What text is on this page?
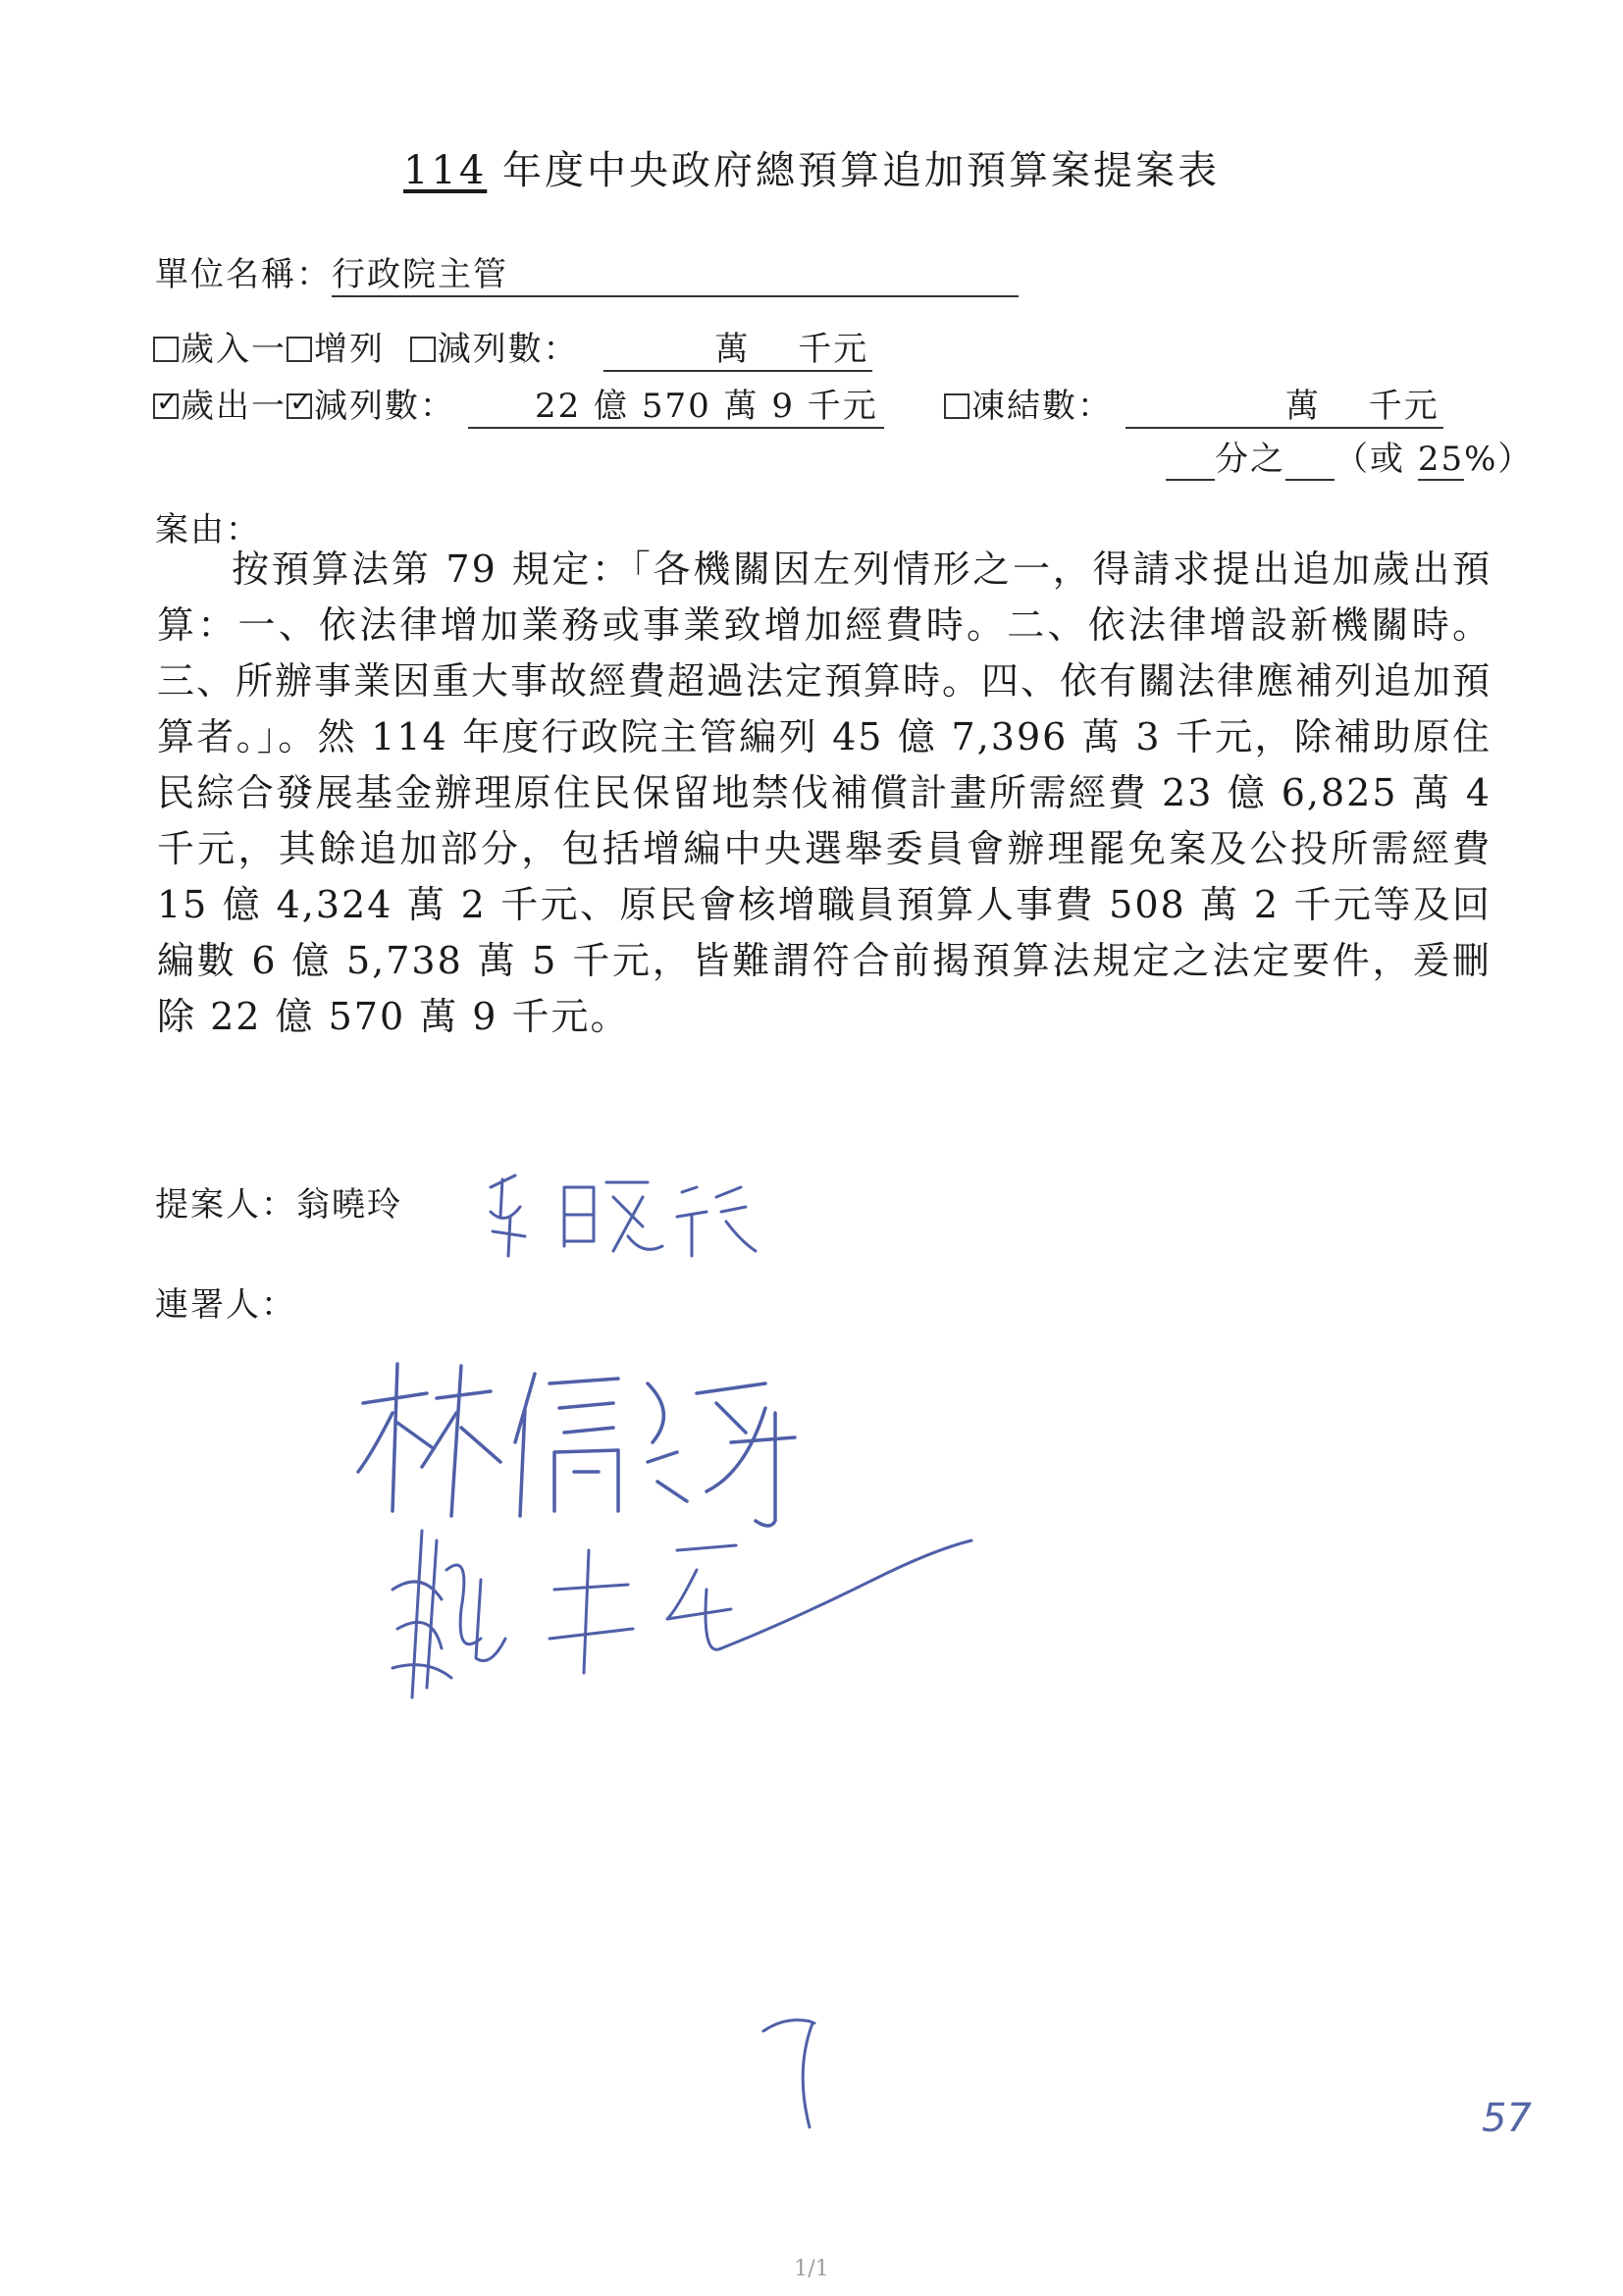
114 年度中央政府總預算追加預算案提案表
單位名稱：行政院主管
歲入一 增列 減列數：	萬　 千元
✓歲出一✓ 減列數： 22 億 570 萬 9 千元	凍結數：	萬　 千元
分之 （或 25%）
案由：
按預算法第 79 規定：「各機關因左列情形之一，得請求提出追加歲出預算：一、依法律增加業務或事業致增加經費時。二、依法律增設新機關時。三、所辦事業因重大事故經費超過法定預算時。四、依有關法律應補列追加預算者。」。然 114 年度行政院主管編列 45 億 7,396 萬 3 千元，除補助原住民綜合發展基金辦理原住民保留地禁伐補償計畫所需經費 23 億 6,825 萬 4 千元，其餘追加部分，包括增編中央選舉委員會辦理罷免案及公投所需經費 15 億 4,324 萬 2 千元、原民會核增職員預算人事費 508 萬 2 千元等及回編數 6 億 5,738 萬 5 千元，皆難謂符合前揭預算法規定之法定要件，爰刪除 22 億 570 萬 9 千元。
提案人：翁曉玲
連署人：
57
1/1
